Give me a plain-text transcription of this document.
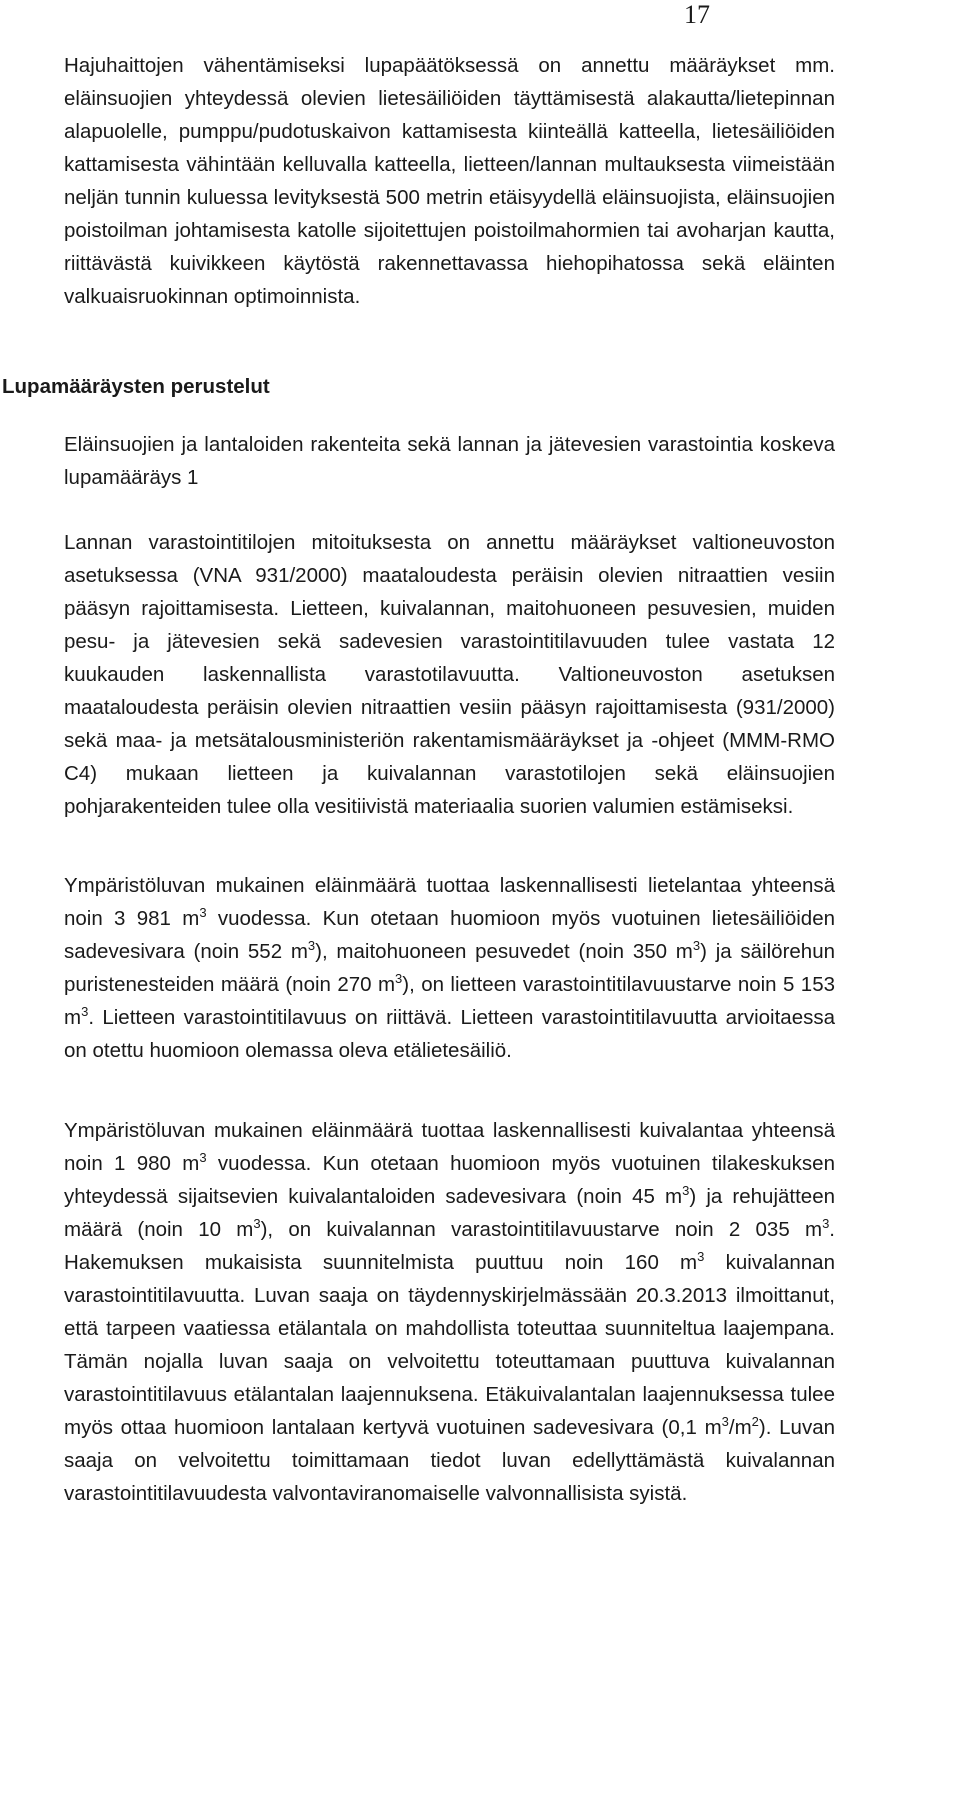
17

Hajuhaittojen vähentämiseksi lupapäätöksessä on annettu määräykset mm. eläinsuojien yhteydessä olevien lietesäiliöiden täyttämisestä alakautta/lietepinnan alapuolelle, pumppu/pudotuskaivon kattamisesta kiinteällä katteella, lietesäiliöiden kattamisesta vähintään kelluvalla katteella, lietteen/lannan multauksesta viimeistään neljän tunnin kuluessa levityksestä 500 metrin etäisyydellä eläinsuojista, eläinsuojien poistoilman johtamisesta katolle sijoitettujen poistoilmahormien tai avoharjan kautta, riittävästä kuivikkeen käytöstä rakennettavassa hiehopihatossa sekä eläinten valkuaisruokinnan optimoinnista.

Lupamääräysten perustelut

Eläinsuojien ja lantaloiden rakenteita sekä lannan ja jätevesien varastointia koskeva lupamääräys 1

Lannan varastointitilojen mitoituksesta on annettu määräykset valtioneuvoston asetuksessa (VNA 931/2000) maataloudesta peräisin olevien nitraattien vesiin pääsyn rajoittamisesta. Lietteen, kuivalannan, maitohuoneen pesuvesien, muiden pesu- ja jätevesien sekä sadevesien varastointitilavuuden tulee vastata 12 kuukauden laskennallista varastotilavuutta. Valtioneuvoston asetuksen maataloudesta peräisin olevien nitraattien vesiin pääsyn rajoittamisesta (931/2000) sekä maa- ja metsätalousministeriön rakentamismääräykset ja -ohjeet (MMM-RMO C4) mukaan lietteen ja kuivalannan varastotilojen sekä eläinsuojien pohjarakenteiden tulee olla vesitiivistä materiaalia suorien valumien estämiseksi.

Ympäristöluvan mukainen eläinmäärä tuottaa laskennallisesti lietelantaa yhteensä noin 3 981 $m^3$ vuodessa. Kun otetaan huomioon myös vuotuinen lietesäiliöiden sadevesivara (noin 552 $m^3$), maitohuoneen pesuvedet (noin 350 $m^3$) ja säilörehun puristenesteiden määrä (noin 270 $m^3$), on lietteen varastointitilavuustarve noin 5 153 $m^3$. Lietteen varastointitilavuus on riittävä. Lietteen varastointitilavuutta arvioitaessa on otettu huomioon olemassa oleva etälietesäiliö.

Ympäristöluvan mukainen eläinmäärä tuottaa laskennallisesti kuivalantaa yhteensä noin 1 980 $m^3$ vuodessa. Kun otetaan huomioon myös vuotuinen tilakeskuksen yhteydessä sijaitsevien kuivalantaloiden sadevesivara (noin 45 $m^3$) ja rehujätteen määrä (noin 10 $m^3$), on kuivalannan varastointitilavuustarve noin 2 035 $m^3$. Hakemuksen mukaisista suunnitelmista puuttuu noin 160 $m^3$ kuivalannan varastointitilavuutta. Luvan saaja on täydennyskirjelmässään 20.3.2013 ilmoittanut, että tarpeen vaatiessa etälantala on mahdollista toteuttaa suunniteltua laajempana. Tämän nojalla luvan saaja on velvoitettu toteuttamaan puuttuva kuivalannan varastointitilavuus etälantalan laajennuksena. Etäkuivalantalan laajennuksessa tulee myös ottaa huomioon lantalaan kertyvä vuotuinen sadevesivara (0,1 $m^3/m^2$). Luvan saaja on velvoitettu toimittamaan tiedot luvan edellyttämästä kuivalannan varastointitilavuudesta valvontaviranomaiselle valvonnallisista syistä.
